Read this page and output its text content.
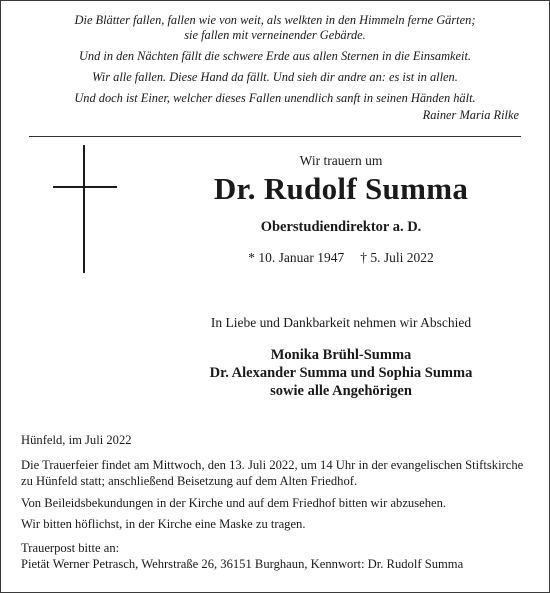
Die Blätter fallen, fallen wie von weit, als welkten in den Himmeln ferne Gärten;
sie fallen mit verneinender Gebärde.

Und in den Nächten fällt die schwere Erde aus allen Sternen in die Einsamkeit.

Wir alle fallen. Diese Hand da fällt. Und sieh dir andre an: es ist in allen.

Und doch ist Einer, welcher dieses Fallen unendlich sanft in seinen Händen hält.

Rainer Maria Rilke

Wir trauern um
Dr. Rudolf Summa
Oberstudiendirektor a. D.
* 10. Januar 1947 † 5. Juli 2022
In Liebe und Dankbarkeit nehmen wir Abschied
Monika Brühl-Summa
Dr. Alexander Summa und Sophia Summa
sowie alle Angehörigen

Hünfeld, im Juli 2022

Die Trauerfeier findet am Mittwoch, den 13. Juli 2022, um 14 Uhr in der evangelischen Stiftskirche zu Hünfeld statt; anschließend Beisetzung auf dem Alten Friedhof.

Von Beileidsbekundungen in der Kirche und auf dem Friedhof bitten wir abzusehen.

Wir bitten höflichst, in der Kirche eine Maske zu tragen.

Trauerpost bitte an:

Pietät Werner Petrasch, Wehrstraße 26, 36151 Burghaun, Kennwort: Dr. Rudolf Summa
